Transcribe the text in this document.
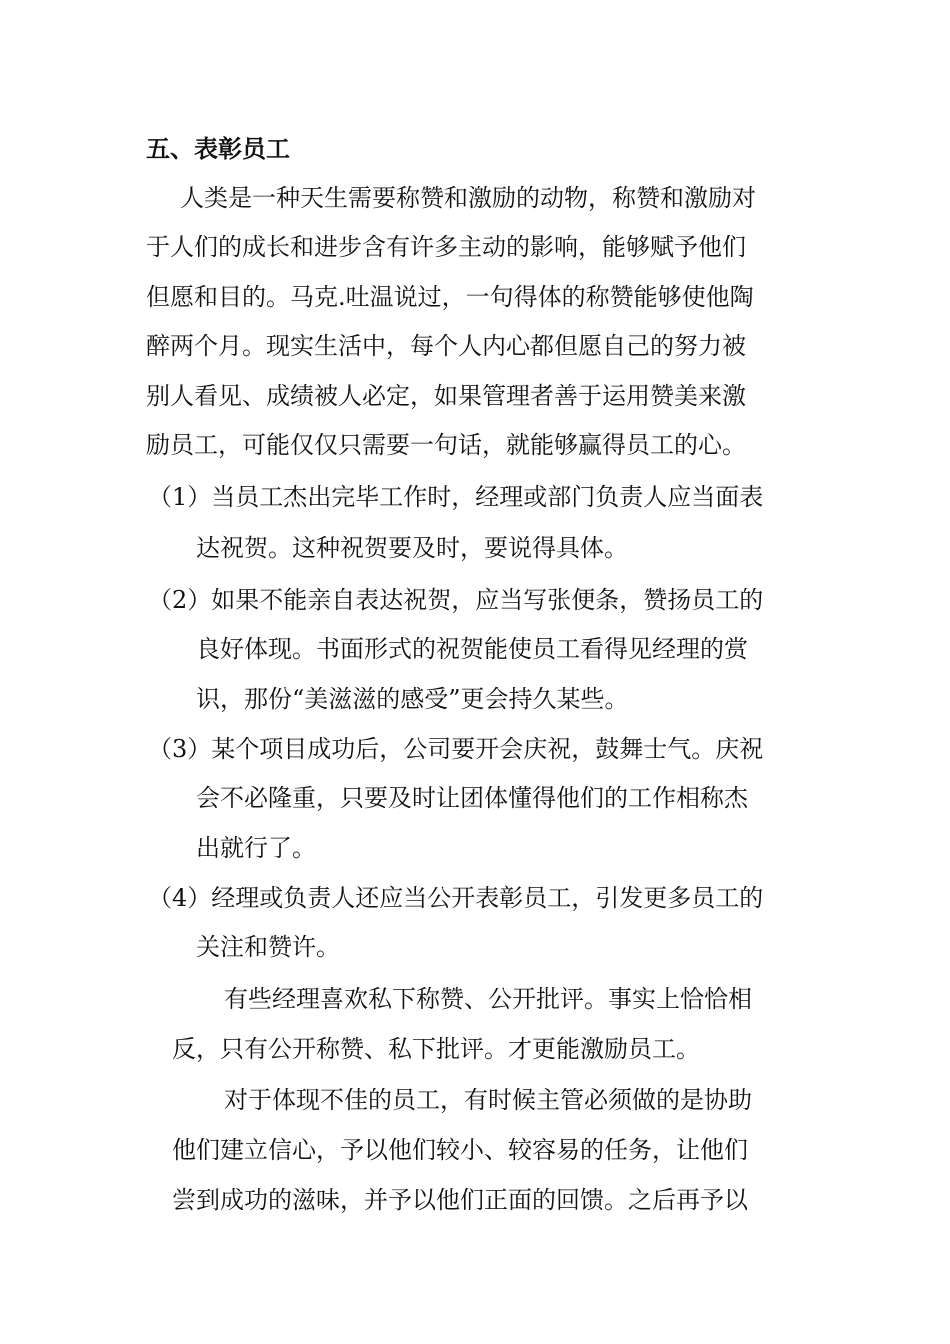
五、表彰员工
人类是一种天生需要称赞和激励的动物，称赞和激励对
于人们的成长和进步含有许多主动的影响，能够赋予他们
但愿和目的。马克.吐温说过，一句得体的称赞能够使他陶
醉两个月。现实生活中，每个人内心都但愿自己的努力被
别人看见、成绩被人必定，如果管理者善于运用赞美来激
励员工，可能仅仅只需要一句话，就能够赢得员工的心。
（1）当员工杰出完毕工作时，经理或部门负责人应当面表
达祝贺。这种祝贺要及时，要说得具体。
（2）如果不能亲自表达祝贺，应当写张便条，赞扬员工的
良好体现。书面形式的祝贺能使员工看得见经理的赏
识，那份“美滋滋的感受”更会持久某些。
（3）某个项目成功后，公司要开会庆祝，鼓舞士气。庆祝
会不必隆重，只要及时让团体懂得他们的工作相称杰
出就行了。
（4）经理或负责人还应当公开表彰员工，引发更多员工的
关注和赞许。
有些经理喜欢私下称赞、公开批评。事实上恰恰相
反，只有公开称赞、私下批评。才更能激励员工。
对于体现不佳的员工，有时候主管必须做的是协助
他们建立信心，予以他们较小、较容易的任务，让他们
尝到成功的滋味，并予以他们正面的回馈。之后再予以
